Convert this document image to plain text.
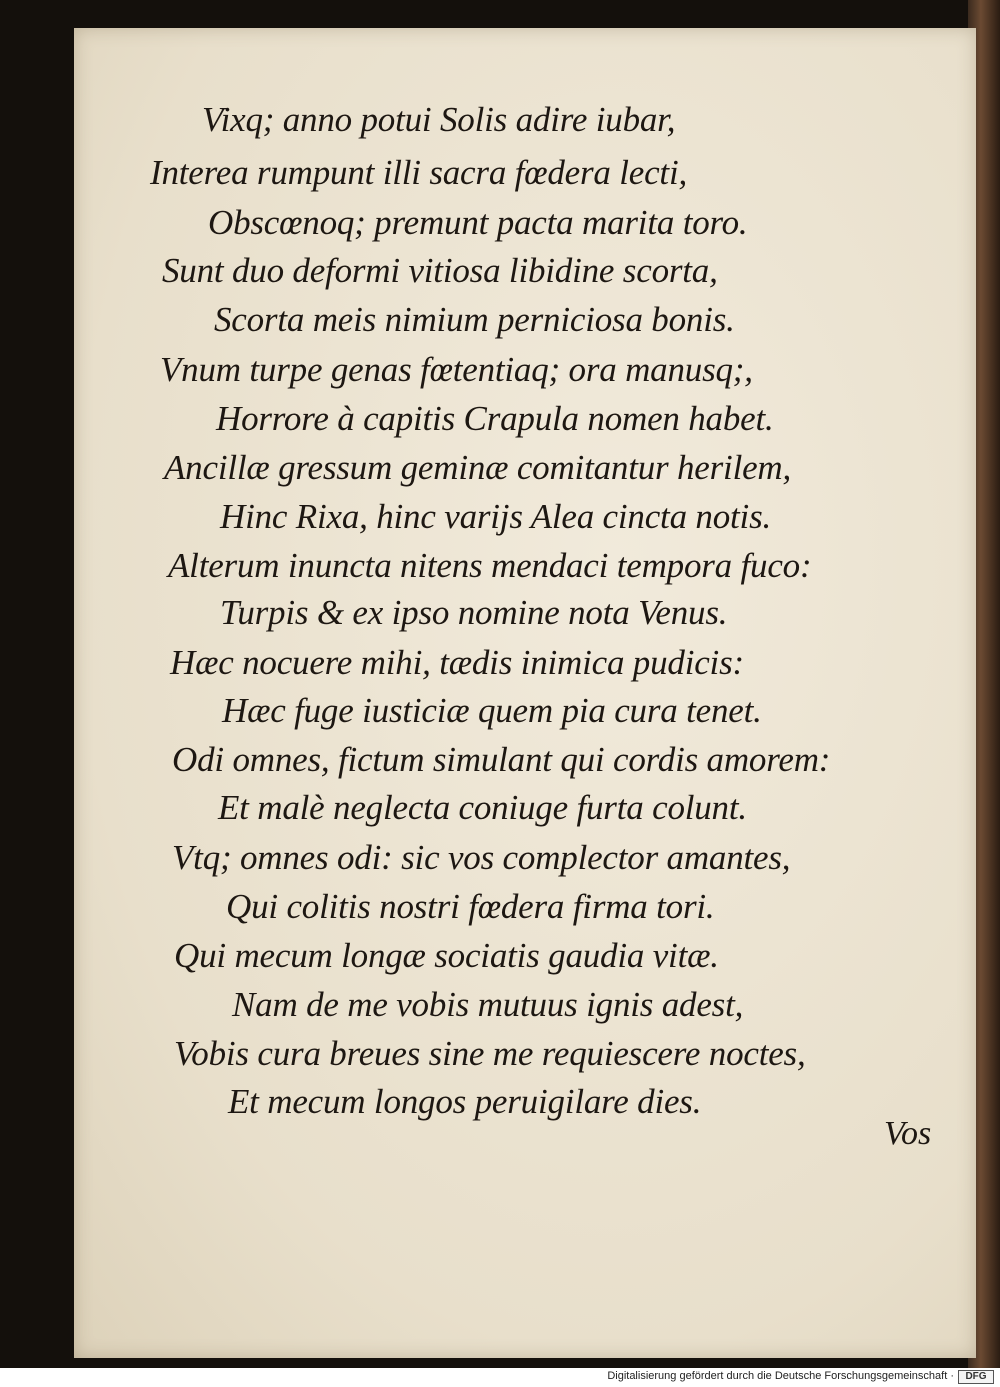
Vixq; anno potui Solis adire iubar,
Interea rumpunt illi sacra fœdera lecti,
Obscœnoq; premunt pacta marita toro.
Sunt duo deformi vitiosa libidine scorta,
Scorta meis nimium perniciosa bonis.
Vnum turpe genas fœtentiaq; ora manusq;,
Horrore à capitis Crapula nomen habet.
Ancillæ gressum geminæ comitantur herilem,
Hinc Rixa, hinc varijs Alea cincta notis.
Alterum inuncta nitens mendaci tempora fuco:
Turpis & ex ipso nomine nota Venus.
Hæc nocuere mihi, tædis inimica pudicis:
Hæc fuge iusticiæ quem pia cura tenet.
Odi omnes, fictum simulant qui cordis amorem:
Et malè neglecta coniuge furta colunt.
Vtq; omnes odi: sic vos complector amantes,
Qui colitis nostri fœdera firma tori.
Qui mecum longæ sociatis gaudia vitæ.
Nam de me vobis mutuus ignis adest,
Vobis cura breues sine me requiescere noctes,
Et mecum longos peruigilare dies.
Vos
Digitalisierung gefördert durch die Deutsche Forschungsgemeinschaft ·	DFG
